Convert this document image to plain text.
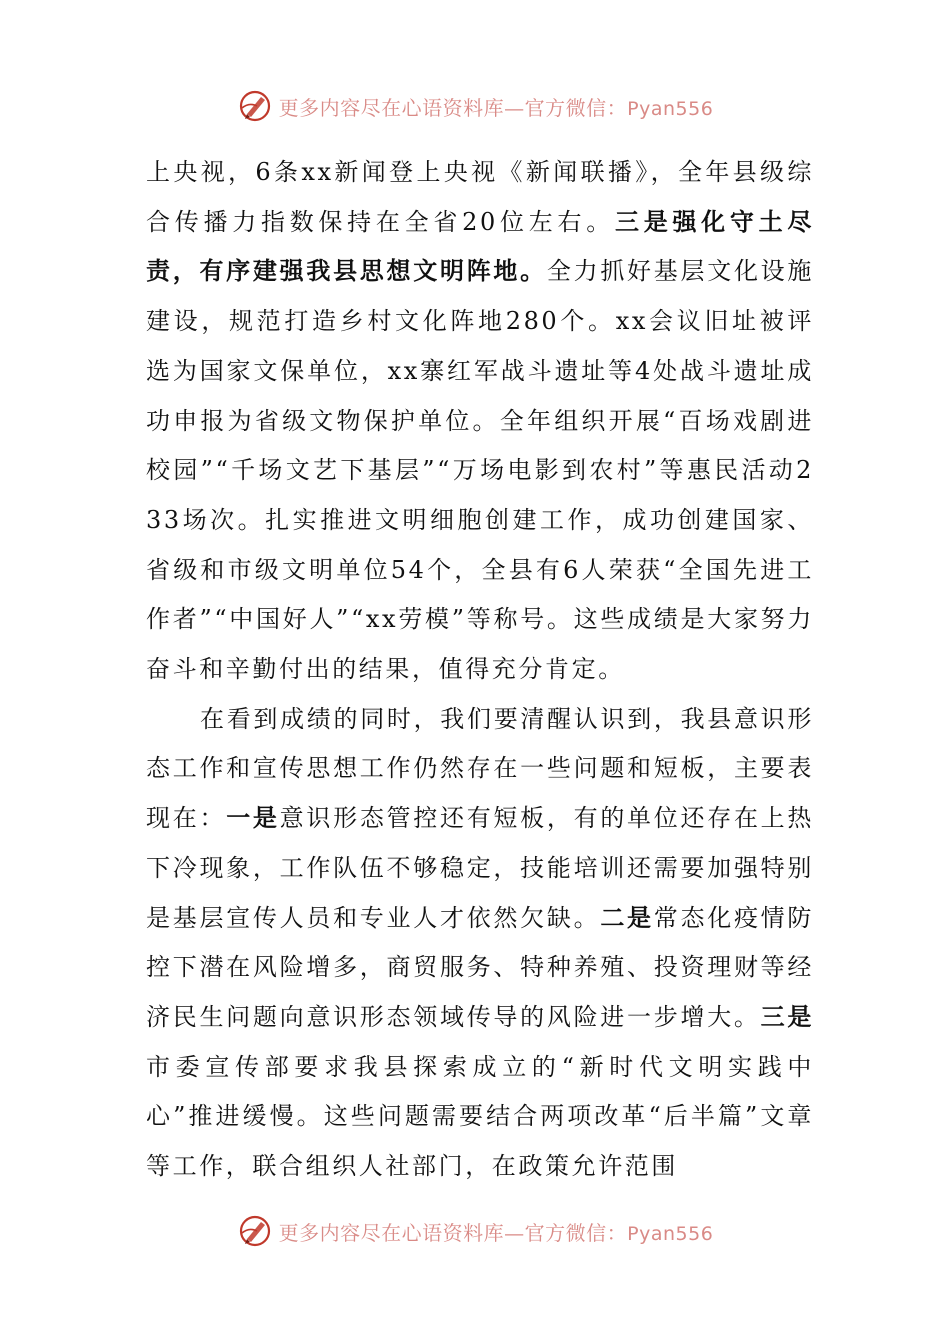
更多内容尽在心语资料库—官方微信：Pyan556

上央视，6条xx新闻登上央视《新闻联播》，全年县级综合传播力指数保持在全省20位左右。三是强化守土尽责，有序建强我县思想文明阵地。全力抓好基层文化设施建设，规范打造乡村文化阵地280个。xx会议旧址被评选为国家文保单位，xx寨红军战斗遗址等4处战斗遗址成功申报为省级文物保护单位。全年组织开展“百场戏剧进校园”“千场文艺下基层”“万场电影到农村”等惠民活动233场次。扎实推进文明细胞创建工作，成功创建国家、省级和市级文明单位54个，全县有6人荣获“全国先进工作者”“中国好人”“xx劳模”等称号。这些成绩是大家努力奋斗和辛勤付出的结果，值得充分肯定。

在看到成绩的同时，我们要清醒认识到，我县意识形态工作和宣传思想工作仍然存在一些问题和短板，主要表现在：一是意识形态管控还有短板，有的单位还存在上热下冷现象，工作队伍不够稳定，技能培训还需要加强特别是基层宣传人员和专业人才依然欠缺。二是常态化疫情防控下潜在风险增多，商贸服务、特种养殖、投资理财等经济民生问题向意识形态领域传导的风险进一步增大。三是市委宣传部要求我县探索成立的“新时代文明实践中心”推进缓慢。这些问题需要结合两项改革“后半篇”文章等工作，联合组织人社部门，在政策允许范围

更多内容尽在心语资料库—官方微信：Pyan556
